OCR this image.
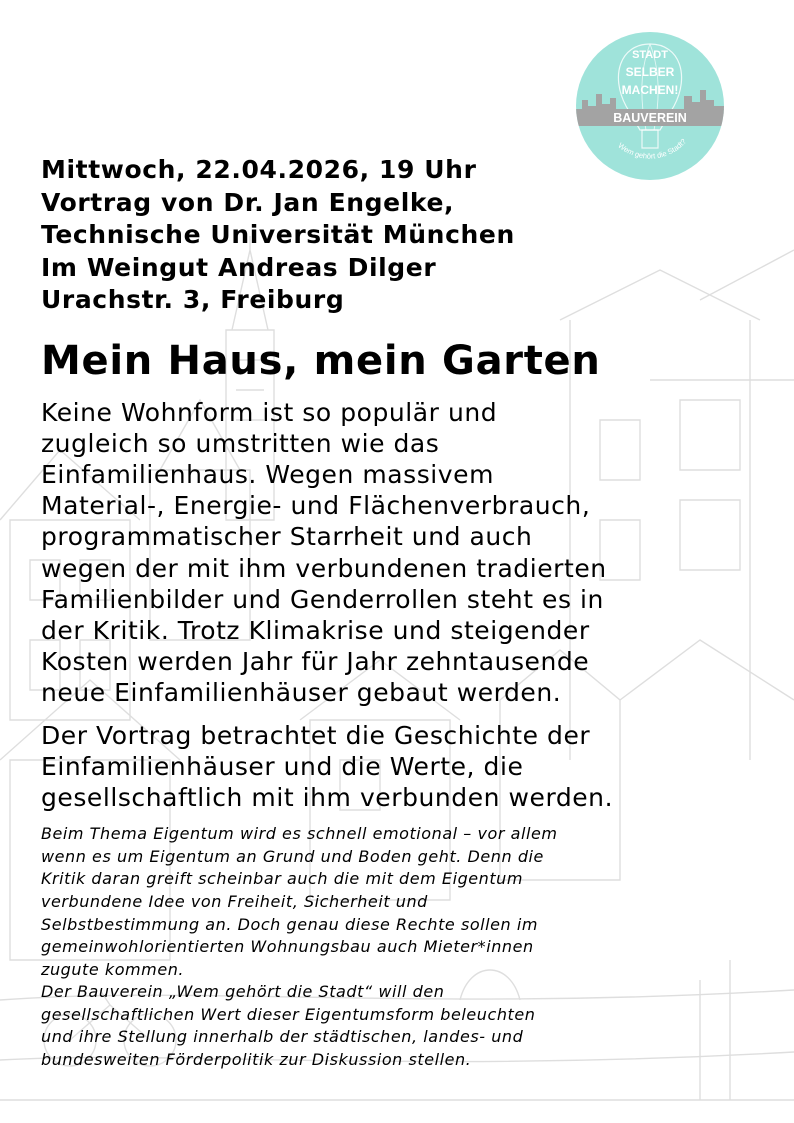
STADT
SELBER
MACHEN!
BAUVEREIN
Wem gehört die Stadt?
Mittwoch, 22.04.2026, 19 Uhr
Vortrag von Dr. Jan Engelke,
Technische Universität München
Im Weingut Andreas Dilger
Urachstr. 3, Freiburg
Mein Haus, mein Garten

Keine Wohnform ist so populär und
zugleich so umstritten wie das
Einfamilienhaus. Wegen massivem
Material-, Energie- und Flächenverbrauch,
programmatischer Starrheit und auch
wegen der mit ihm verbundenen tradierten
Familienbilder und Genderrollen steht es in
der Kritik. Trotz Klimakrise und steigender
Kosten werden Jahr für Jahr zehntausende
neue Einfamilienhäuser gebaut werden.

Der Vortrag betrachtet die Geschichte der
Einfamilienhäuser und die Werte, die
gesellschaftlich mit ihm verbunden werden.

Beim Thema Eigentum wird es schnell emotional – vor allem
wenn es um Eigentum an Grund und Boden geht. Denn die
Kritik daran greift scheinbar auch die mit dem Eigentum
verbundene Idee von Freiheit, Sicherheit und
Selbstbestimmung an. Doch genau diese Rechte sollen im
gemeinwohlorientierten Wohnungsbau auch Mieter*innen
zugute kommen.
Der Bauverein „Wem gehört die Stadt“ will den
gesellschaftlichen Wert dieser Eigentumsform beleuchten
und ihre Stellung innerhalb der städtischen, landes- und
bundesweiten Förderpolitik zur Diskussion stellen.
